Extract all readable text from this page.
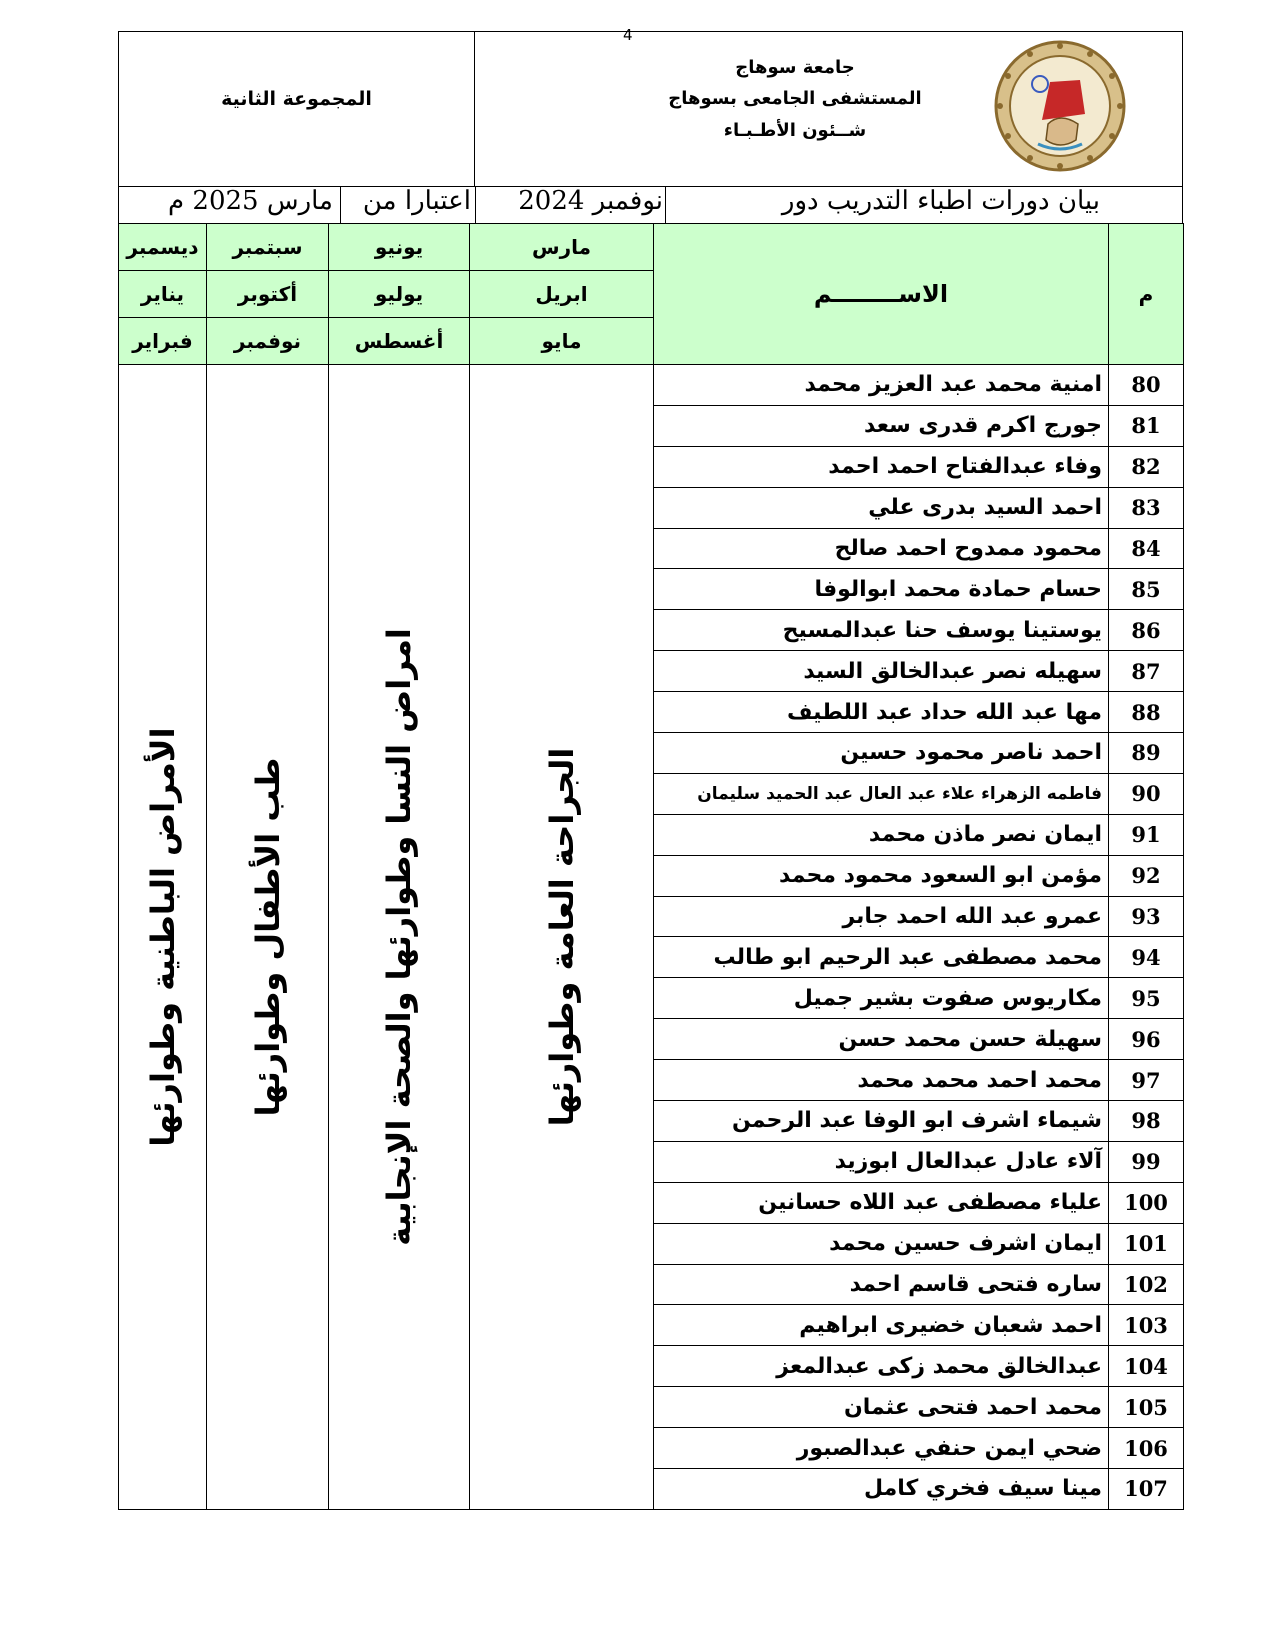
4
المجموعة الثانية
جامعة سوهاج
المستشفى الجامعى بسوهاج
شــئون الأطـبـاء
بيان دورات اطباء التدريب دور
نوفمبر 2024
اعتبارا من
مارس 2025 م
م	الاســــــــم	مارس	يونيو	سبتمبر	ديسمبر
		ابريل	يوليو	أكتوبر	يناير
		مايو	أغسطس	نوفمبر	فبراير
80	امنية محمد عبد العزيز محمد	الجراحة العامة وطوارئها	امراض النسا وطوارئها والصحة الإنجابية	طب الأطفال وطوارئها	الأمراض الباطنية وطوارئها

81	جورج اكرم قدرى سعد				
82	وفاء عبدالفتاح احمد احمد				
83	احمد السيد بدرى علي				
84	محمود ممدوح احمد صالح				
85	حسام حمادة محمد ابوالوفا				
86	يوستينا يوسف حنا عبدالمسيح				
87	سهيله نصر عبدالخالق السيد				
88	مها عبد الله حداد عبد اللطيف				
89	احمد ناصر محمود حسين				
90	فاطمه الزهراء علاء عبد العال عبد الحميد سليمان				
91	ايمان نصر ماذن محمد				
92	مؤمن ابو السعود محمود محمد				
93	عمرو عبد الله احمد جابر				
94	محمد مصطفى عبد الرحيم ابو طالب				
95	مكاريوس صفوت بشير جميل				
96	سهيلة حسن محمد حسن				
97	محمد احمد محمد محمد				
98	شيماء اشرف ابو الوفا عبد الرحمن				
99	آلاء عادل عبدالعال ابوزيد				
100	علياء مصطفى عبد اللاه حسانين				
101	ايمان اشرف حسين محمد				
102	ساره فتحى قاسم احمد				
103	احمد شعبان خضيرى ابراهيم				
104	عبدالخالق محمد زكى عبدالمعز				
105	محمد احمد فتحى عثمان				
106	ضحي ايمن حنفي عبدالصبور				
107	مينا سيف فخري كامل				
